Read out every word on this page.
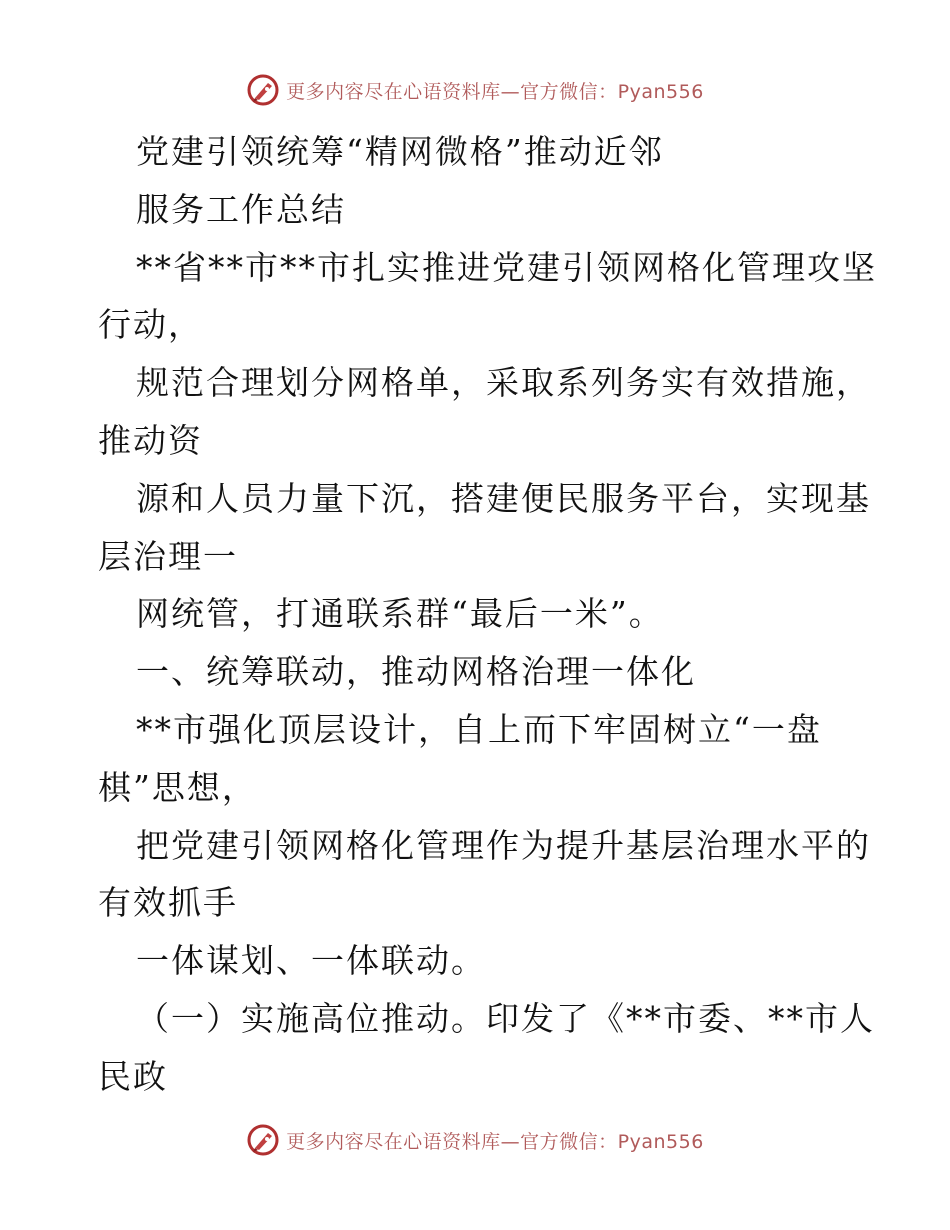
更多内容尽在心语资料库—官方微信：Pyan556
党建引领统筹“精网微格”推动近邻
服务工作总结
**省**市**市扎实推进党建引领网格化管理攻坚
行动，
规范合理划分网格单，采取系列务实有效措施，
推动资
源和人员力量下沉，搭建便民服务平台，实现基
层治理一
网统管，打通联系群“最后一米”。
一、统筹联动，推动网格治理一体化
**市强化顶层设计，自上而下牢固树立“一盘
棋”思想，
把党建引领网格化管理作为提升基层治理水平的
有效抓手
一体谋划、一体联动。
（一）实施高位推动。印发了《**市委、**市人
民政
更多内容尽在心语资料库—官方微信：Pyan556
